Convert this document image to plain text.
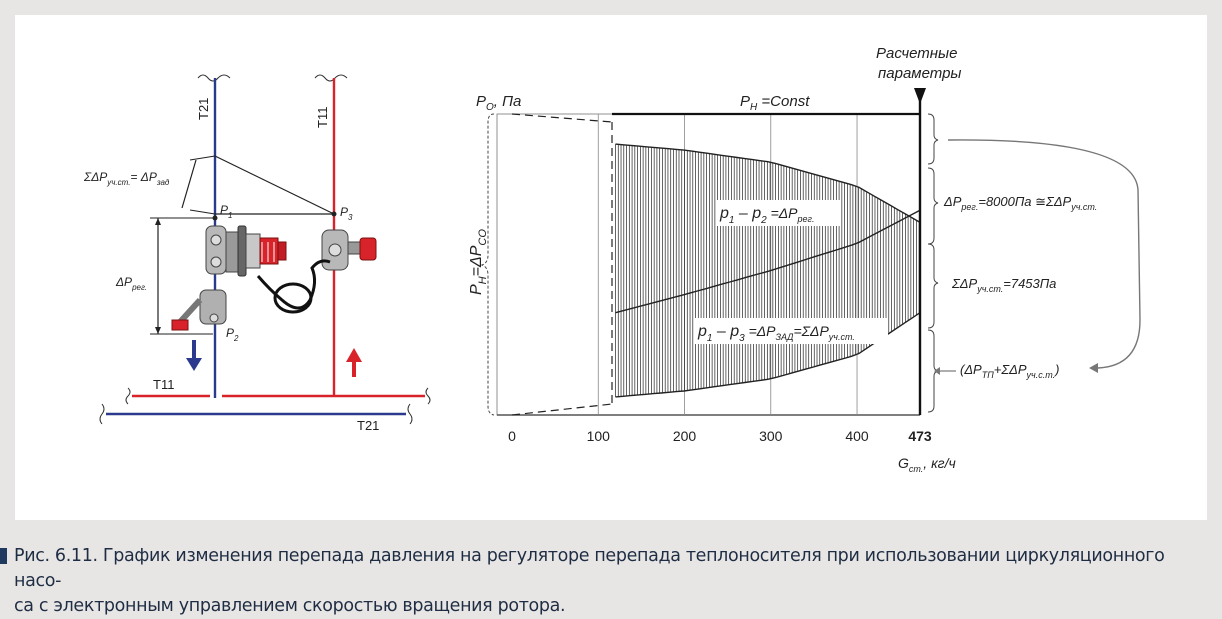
T21	T11
T11
T21
$\Sigma\Delta P_{уч.ст.}= \Delta P_{зад}$
$\Delta P_{рег.}$
$P_1$
$P_2$
$P_3$
$P_O$, Па	$P_H$ =Const
Расчетные
параметры
$P_H=\Delta P_{CO}$
$p_1 - p_2 =\Delta P_{рег.}$
$p_1 - p_3 =\Delta P_{ЗАД}=\Sigma\Delta P_{уч.ст.}$
$\Delta P_{рег.}=8000Па$ $≅\Sigma\Delta P_{уч.ст.}$
$\Sigma\Delta P_{уч.ст.}=7453Па$
$(\Delta P_{ТП}+\Sigma\Delta P_{уч.с.т.})$
0	100	200	300	400	473
$G_{ст.}$, кг/ч
Рис. 6.11. График изменения перепада давления на регуляторе перепада теплоносителя при использовании циркуляционного насо-
са с электронным управлением скоростью вращения ротора.
